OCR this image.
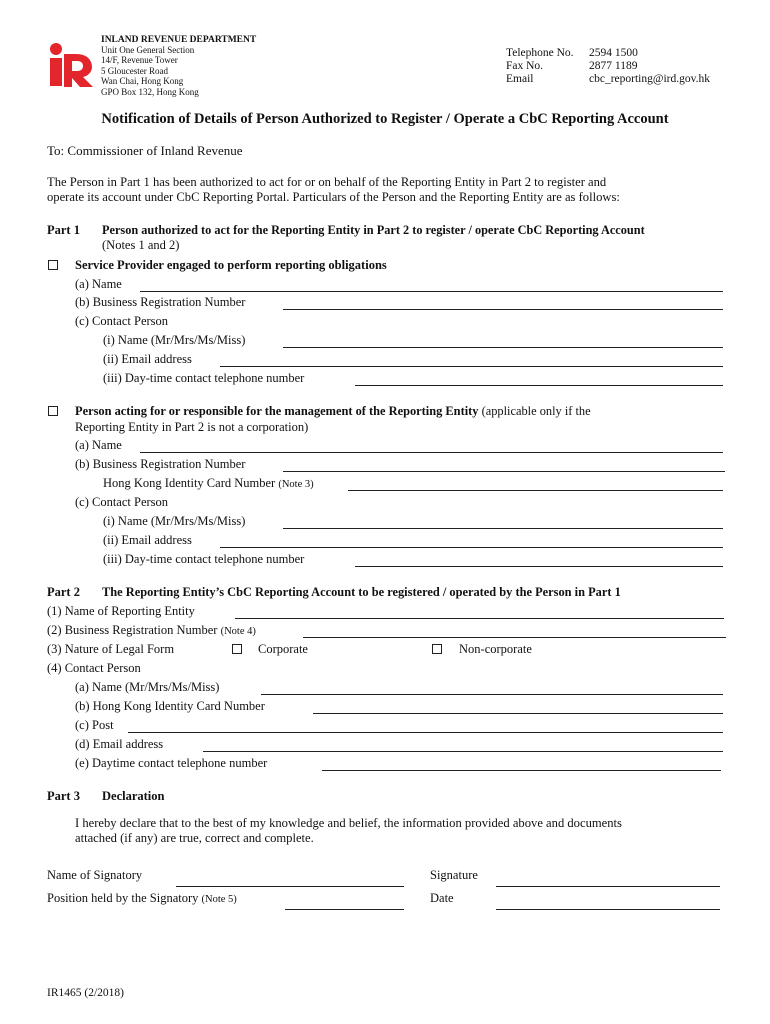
INLAND REVENUE DEPARTMENT
Unit One General Section
14/F, Revenue Tower
5 Gloucester Road
Wan Chai, Hong Kong
GPO Box 132, Hong Kong
Telephone No. 2594 1500
Fax No.	2877 1189
Email	cbc_reporting@ird.gov.hk
Notification of Details of Person Authorized to Register / Operate a CbC Reporting Account
To: Commissioner of Inland Revenue
The Person in Part 1 has been authorized to act for or on behalf of the Reporting Entity in Part 2 to register and
operate its account under CbC Reporting Portal. Particulars of the Person and the Reporting Entity are as follows:
Part 1 Person authorized to act for the Reporting Entity in Part 2 to register / operate CbC Reporting Account
(Notes 1 and 2)
Service Provider engaged to perform reporting obligations
(a) Name
(b) Business Registration Number
(c) Contact Person
(i) Name (Mr/Mrs/Ms/Miss)
(ii) Email address
(iii) Day-time contact telephone number
Person acting for or responsible for the management of the Reporting Entity (applicable only if the
Reporting Entity in Part 2 is not a corporation)
(a) Name
(b) Business Registration Number
Hong Kong Identity Card Number (Note 3)
(c) Contact Person
(i) Name (Mr/Mrs/Ms/Miss)
(ii) Email address
(iii) Day-time contact telephone number
Part 2 The Reporting Entity’s CbC Reporting Account to be registered / operated by the Person in Part 1
(1) Name of Reporting Entity
(2) Business Registration Number (Note 4)
(3) Nature of Legal Form	Corporate	Non-corporate
(4) Contact Person
(a) Name (Mr/Mrs/Ms/Miss)
(b) Hong Kong Identity Card Number
(c) Post
(d) Email address
(e) Daytime contact telephone number
Part 3 Declaration
I hereby declare that to the best of my knowledge and belief, the information provided above and documents
attached (if any) are true, correct and complete.
Name of Signatory	Signature
Position held by the Signatory (Note 5)	Date
IR1465 (2/2018)
